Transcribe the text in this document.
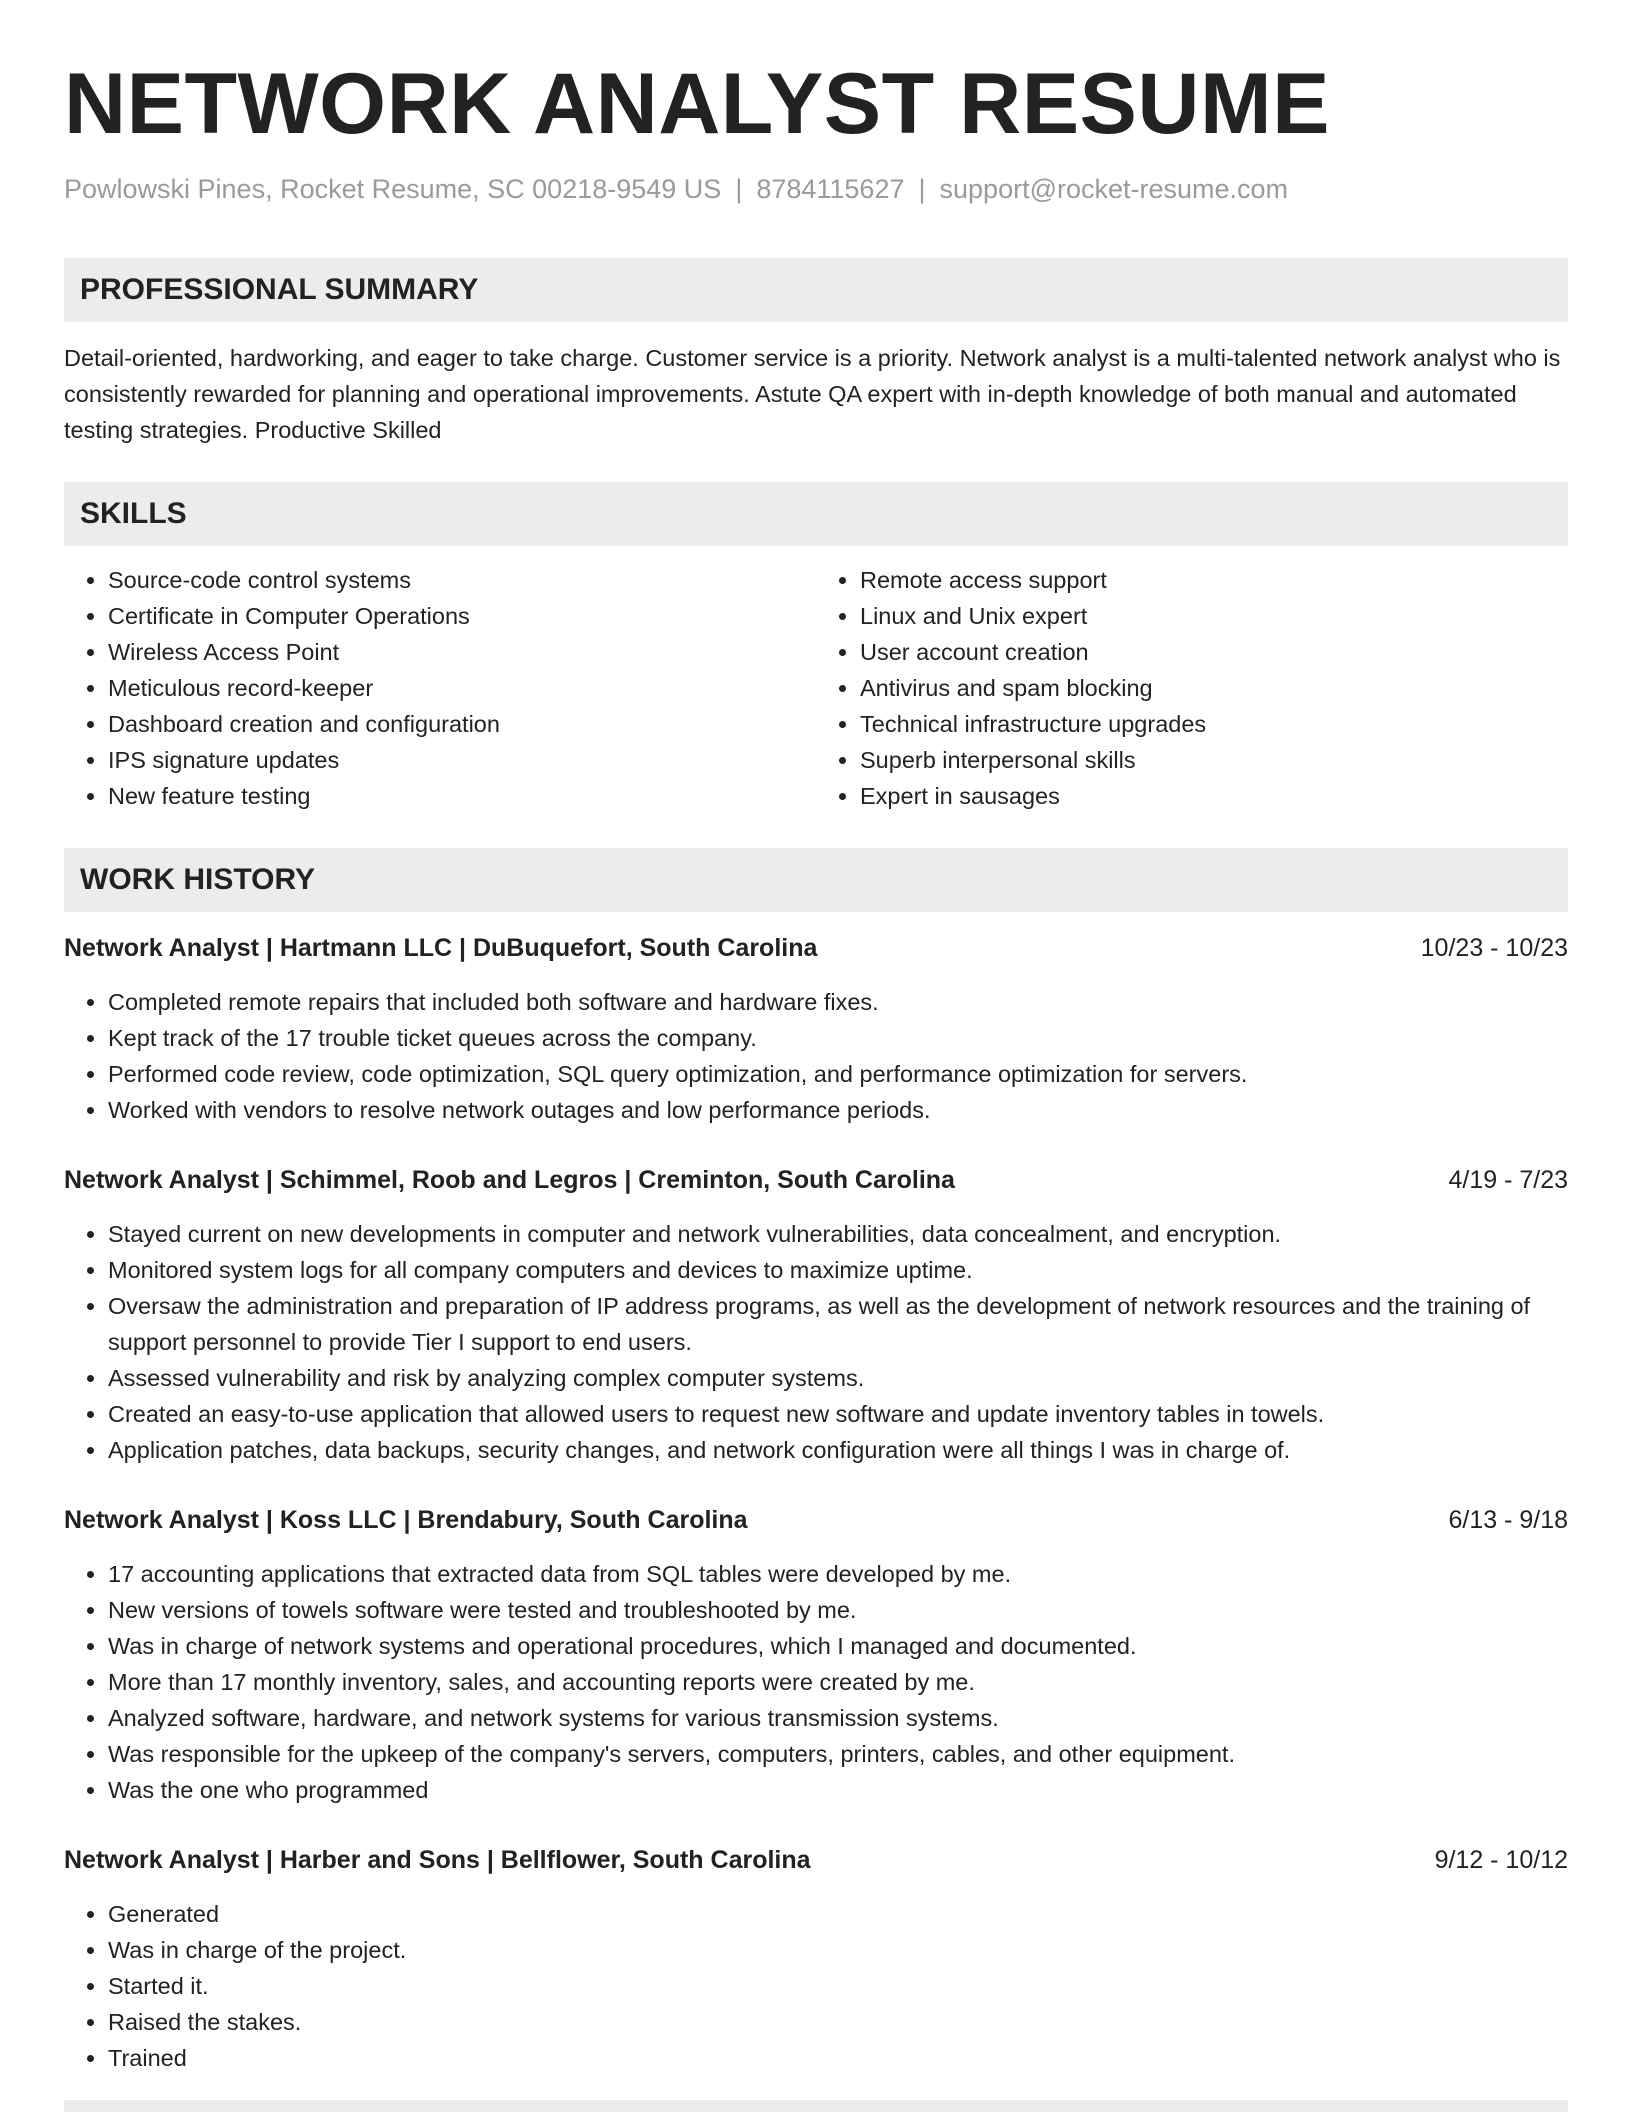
NETWORK ANALYST RESUME
Powlowski Pines, Rocket Resume, SC 00218-9549 US | 8784115627 | support@rocket-resume.com
PROFESSIONAL SUMMARY

Detail-oriented, hardworking, and eager to take charge. Customer service is a priority. Network analyst is a multi-talented network analyst who is consistently rewarded for planning and operational improvements. Astute QA expert with in-depth knowledge of both manual and automated testing strategies. Productive Skilled

SKILLS
• Source-code control systems
• Certificate in Computer Operations
• Wireless Access Point
• Meticulous record-keeper
• Dashboard creation and configuration
• IPS signature updates
• New feature testing
• Remote access support
• Linux and Unix expert
• User account creation
• Antivirus and spam blocking
• Technical infrastructure upgrades
• Superb interpersonal skills
• Expert in sausages
WORK HISTORY
Network Analyst | Hartmann LLC | DuBuquefort, South Carolina	10/23 - 10/23
• Completed remote repairs that included both software and hardware fixes.
• Kept track of the 17 trouble ticket queues across the company.
• Performed code review, code optimization, SQL query optimization, and performance optimization for servers.
• Worked with vendors to resolve network outages and low performance periods.
Network Analyst | Schimmel, Roob and Legros | Creminton, South Carolina	4/19 - 7/23
• Stayed current on new developments in computer and network vulnerabilities, data concealment, and encryption.
• Monitored system logs for all company computers and devices to maximize uptime.
• Oversaw the administration and preparation of IP address programs, as well as the development of network resources and the training of support personnel to provide Tier I support to end users.
• Assessed vulnerability and risk by analyzing complex computer systems.
• Created an easy-to-use application that allowed users to request new software and update inventory tables in towels.
• Application patches, data backups, security changes, and network configuration were all things I was in charge of.
Network Analyst | Koss LLC | Brendabury, South Carolina	6/13 - 9/18
• 17 accounting applications that extracted data from SQL tables were developed by me.
• New versions of towels software were tested and troubleshooted by me.
• Was in charge of network systems and operational procedures, which I managed and documented.
• More than 17 monthly inventory, sales, and accounting reports were created by me.
• Analyzed software, hardware, and network systems for various transmission systems.
• Was responsible for the upkeep of the company's servers, computers, printers, cables, and other equipment.
• Was the one who programmed
Network Analyst | Harber and Sons | Bellflower, South Carolina	9/12 - 10/12
• Generated
• Was in charge of the project.
• Started it.
• Raised the stakes.
• Trained
